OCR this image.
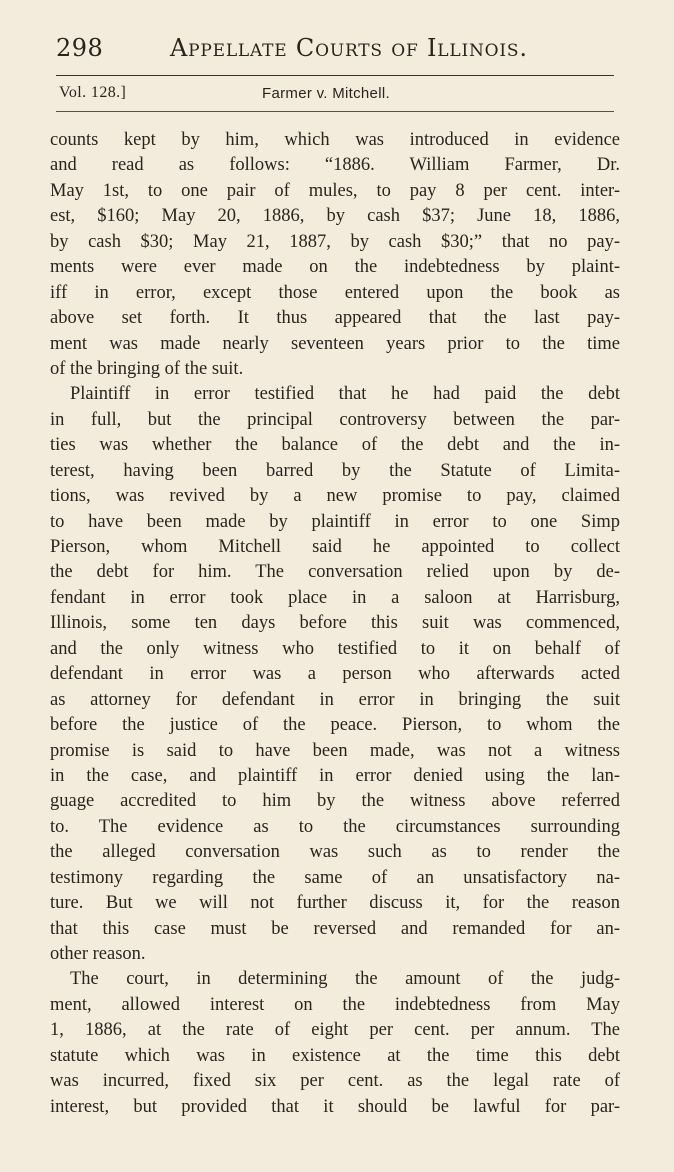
298	Appellate Courts of Illinois.
Vol. 128.]	Farmer v. Mitchell.
counts kept by him, which was introduced in evidence
and read as follows: “1886. William Farmer, Dr.
May 1st, to one pair of mules, to pay 8 per cent. inter-
est, $160; May 20, 1886, by cash $37; June 18, 1886,
by cash $30; May 21, 1887, by cash $30;” that no pay-
ments were ever made on the indebtedness by plaint-
iff in error, except those entered upon the book as
above set forth. It thus appeared that the last pay-
ment was made nearly seventeen years prior to the time
of the bringing of the suit.
Plaintiff in error testified that he had paid the debt
in full, but the principal controversy between the par-
ties was whether the balance of the debt and the in-
terest, having been barred by the Statute of Limita-
tions, was revived by a new promise to pay, claimed
to have been made by plaintiff in error to one Simp
Pierson, whom Mitchell said he appointed to collect
the debt for him. The conversation relied upon by de-
fendant in error took place in a saloon at Harrisburg,
Illinois, some ten days before this suit was commenced,
and the only witness who testified to it on behalf of
defendant in error was a person who afterwards acted
as attorney for defendant in error in bringing the suit
before the justice of the peace. Pierson, to whom the
promise is said to have been made, was not a witness
in the case, and plaintiff in error denied using the lan-
guage accredited to him by the witness above referred
to. The evidence as to the circumstances surrounding
the alleged conversation was such as to render the
testimony regarding the same of an unsatisfactory na-
ture. But we will not further discuss it, for the reason
that this case must be reversed and remanded for an-
other reason.
The court, in determining the amount of the judg-
ment, allowed interest on the indebtedness from May
1, 1886, at the rate of eight per cent. per annum. The
statute which was in existence at the time this debt
was incurred, fixed six per cent. as the legal rate of
interest, but provided that it should be lawful for par-
